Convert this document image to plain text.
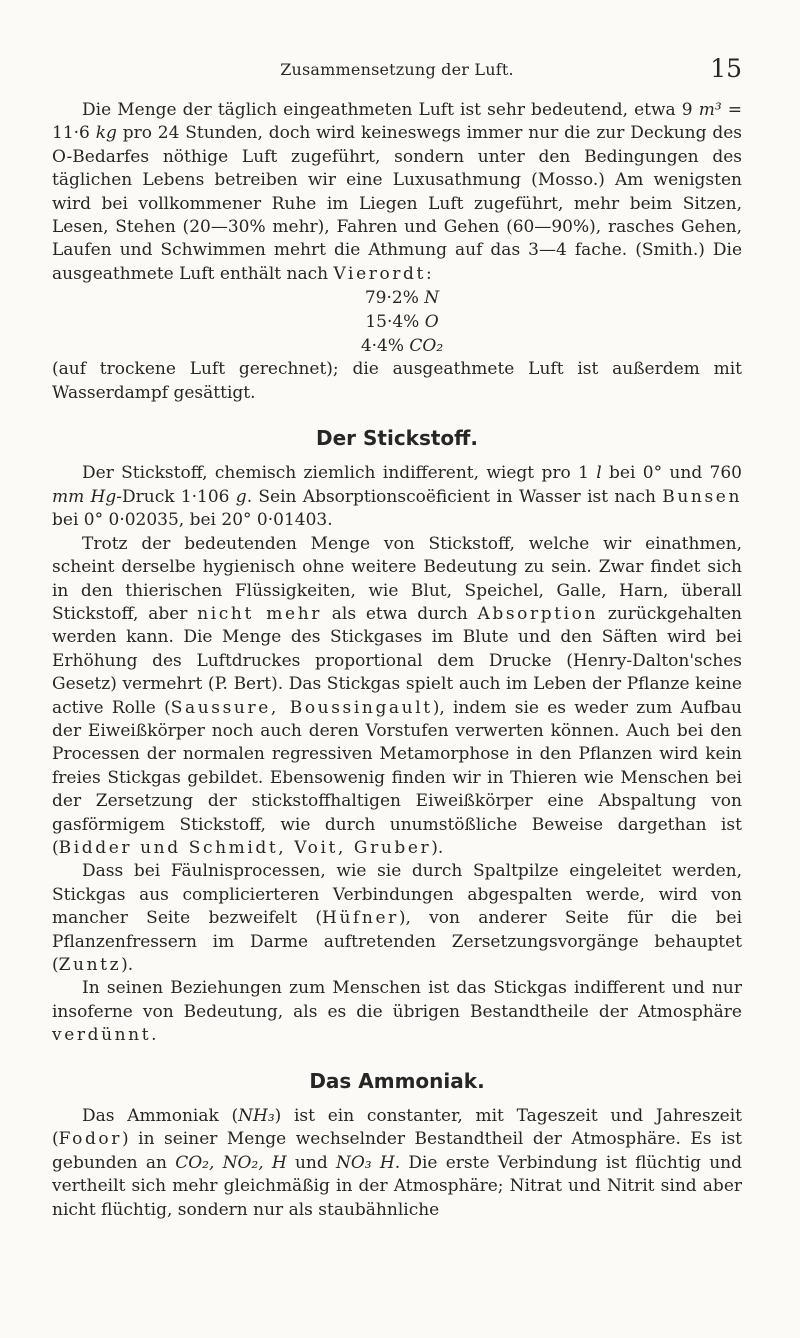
Zusammensetzung der Luft.	15

Die Menge der täglich eingeathmeten Luft ist sehr bedeutend, etwa 9 m³ = 11·6 kg pro 24 Stunden, doch wird keineswegs immer nur die zur Deckung des O-Bedarfes nöthige Luft zugeführt, sondern unter den Bedingungen des täglichen Lebens betreiben wir eine Luxusathmung (Mosso.) Am wenigsten wird bei vollkommener Ruhe im Liegen Luft zugeführt, mehr beim Sitzen, Lesen, Stehen (20—30% mehr), Fahren und Gehen (60—90%), rasches Gehen, Laufen und Schwimmen mehrt die Athmung auf das 3—4 fache. (Smith.) Die ausgeathmete Luft enthält nach Vierordt:

79·2% N
15·4% O
4·4% CO₂

(auf trockene Luft gerechnet); die ausgeathmete Luft ist außerdem mit Wasserdampf gesättigt.

Der Stickstoff.

Der Stickstoff, chemisch ziemlich indifferent, wiegt pro 1 l bei 0° und 760 mm Hg-Druck 1·106 g. Sein Absorptionscoëficient in Wasser ist nach Bunsen bei 0° 0·02035, bei 20° 0·01403.

Trotz der bedeutenden Menge von Stickstoff, welche wir einathmen, scheint derselbe hygienisch ohne weitere Bedeutung zu sein. Zwar findet sich in den thierischen Flüssigkeiten, wie Blut, Speichel, Galle, Harn, überall Stickstoff, aber nicht mehr als etwa durch Absorption zurückgehalten werden kann. Die Menge des Stickgases im Blute und den Säften wird bei Erhöhung des Luftdruckes proportional dem Drucke (Henry-Dalton'sches Gesetz) vermehrt (P. Bert). Das Stickgas spielt auch im Leben der Pflanze keine active Rolle (Saussure, Boussingault), indem sie es weder zum Aufbau der Eiweißkörper noch auch deren Vorstufen verwerten können. Auch bei den Processen der normalen regressiven Metamorphose in den Pflanzen wird kein freies Stickgas gebildet. Ebensowenig finden wir in Thieren wie Menschen bei der Zersetzung der stickstoffhaltigen Eiweißkörper eine Abspaltung von gasförmigem Stickstoff, wie durch unumstößliche Beweise dargethan ist (Bidder und Schmidt, Voit, Gruber).

Dass bei Fäulnisprocessen, wie sie durch Spaltpilze eingeleitet werden, Stickgas aus complicierteren Verbindungen abgespalten werde, wird von mancher Seite bezweifelt (Hüfner), von anderer Seite für die bei Pflanzenfressern im Darme auftretenden Zersetzungsvorgänge behauptet (Zuntz).

In seinen Beziehungen zum Menschen ist das Stickgas indifferent und nur insoferne von Bedeutung, als es die übrigen Bestandtheile der Atmosphäre verdünnt.

Das Ammoniak.

Das Ammoniak (NH₃) ist ein constanter, mit Tageszeit und Jahreszeit (Fodor) in seiner Menge wechselnder Bestandtheil der Atmosphäre. Es ist gebunden an CO₂, NO₂, H und NO₃ H. Die erste Verbindung ist flüchtig und vertheilt sich mehr gleichmäßig in der Atmosphäre; Nitrat und Nitrit sind aber nicht flüchtig, sondern nur als staubähnliche
